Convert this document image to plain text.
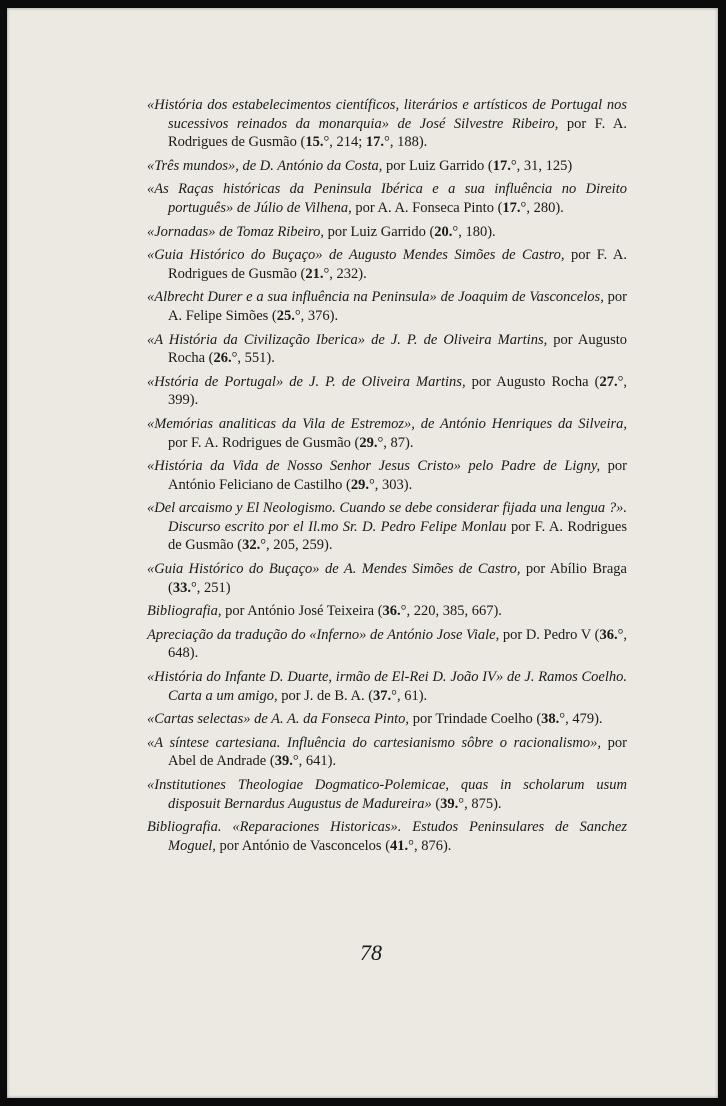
«História dos estabelecimentos científicos, literários e artísticos de Portugal nos sucessivos reinados da monarquia» de José Silvestre Ribeiro, por F. A. Rodrigues de Gusmão (15.°, 214; 17.°, 188).

«Três mundos», de D. António da Costa, por Luiz Garrido (17.°, 31, 125)

«As Raças históricas da Peninsula Ibérica e a sua influência no Direito português» de Júlio de Vilhena, por A. A. Fonseca Pinto (17.°, 280).

«Jornadas» de Tomaz Ribeiro, por Luiz Garrido (20.°, 180).

«Guia Histórico do Buçaço» de Augusto Mendes Simões de Castro, por F. A. Rodrigues de Gusmão (21.°, 232).

«Albrecht Durer e a sua influência na Peninsula» de Joaquim de Vasconcelos, por A. Felipe Simões (25.°, 376).

«A História da Civilização Iberica» de J. P. de Oliveira Martins, por Augusto Rocha (26.°, 551).

«Hstória de Portugal» de J. P. de Oliveira Martins, por Augusto Rocha (27.°, 399).

«Memórias analiticas da Vila de Estremoz», de António Henriques da Silveira, por F. A. Rodrigues de Gusmão (29.°, 87).

«História da Vida de Nosso Senhor Jesus Cristo» pelo Padre de Ligny, por António Feliciano de Castilho (29.°, 303).

«Del arcaismo y El Neologismo. Cuando se debe considerar fijada una lengua ?». Discurso escrito por el Il.mo Sr. D. Pedro Felipe Monlau por F. A. Rodrigues de Gusmão (32.°, 205, 259).

«Guia Histórico do Buçaço» de A. Mendes Simões de Castro, por Abílio Braga (33.°, 251)

Bibliografia, por António José Teixeira (36.°, 220, 385, 667).

Apreciação da tradução do «Inferno» de António Jose Viale, por D. Pedro V (36.°, 648).

«História do Infante D. Duarte, irmão de El-Rei D. João IV» de J. Ramos Coelho. Carta a um amigo, por J. de B. A. (37.°, 61).

«Cartas selectas» de A. A. da Fonseca Pinto, por Trindade Coelho (38.°, 479).

«A síntese cartesiana. Influência do cartesianismo sôbre o racionalismo», por Abel de Andrade (39.°, 641).

«Institutiones Theologiae Dogmatico-Polemicae, quas in scholarum usum disposuit Bernardus Augustus de Madureira» (39.°, 875).

Bibliografia. «Reparaciones Historicas». Estudos Peninsulares de Sanchez Moguel, por António de Vasconcelos (41.°, 876).

78
